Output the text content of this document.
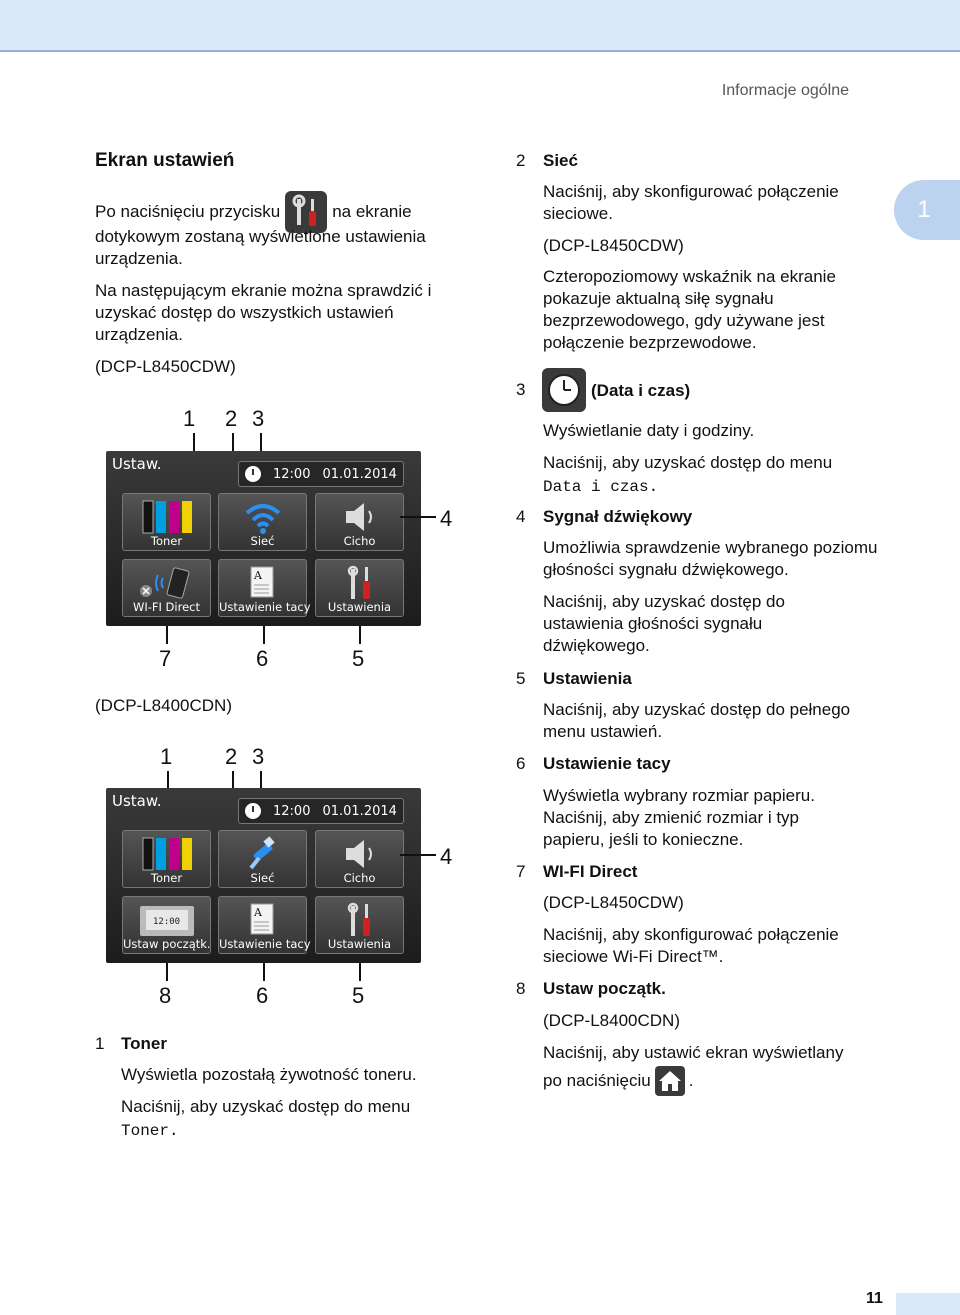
Informacje ogólne
1
Ekran ustawień
Po naciśnięciu przycisku	na ekranie
dotykowym zostaną wyświetlone ustawienia urządzenia.
Na następującym ekranie można sprawdzić i uzyskać dostęp do wszystkich ustawień urządzenia.
(DCP-L8450CDW)
1 2 3
Ustaw.
12:00 01.01.2014
Toner	Sieć	Cicho
WI-FI Direct
A
Ustawienie tacy	Ustawienia
4
7	6	5
(DCP-L8400CDN)
1 2 3
Ustaw.
12:00 01.01.2014
Toner	Sieć	Cicho
12:00
Ustaw początk.
A
Ustawienie tacy	Ustawienia
4
8	6	5
1 Toner
Wyświetla pozostałą żywotność toneru.
Naciśnij, aby uzyskać dostęp do menu
Toner.
2 Sieć
Naciśnij, aby skonfigurować połączenie sieciowe.
(DCP-L8450CDW)
Czteropoziomowy wskaźnik na ekranie pokazuje aktualną siłę sygnału bezprzewodowego, gdy używane jest połączenie bezprzewodowe.
3	(Data i czas)
Wyświetlanie daty i godziny.
Naciśnij, aby uzyskać dostęp do menu
Data i czas.
4 Sygnał dźwiękowy
Umożliwia sprawdzenie wybranego poziomu głośności sygnału dźwiękowego.
Naciśnij, aby uzyskać dostęp do ustawienia głośności sygnału dźwiękowego.
5 Ustawienia
Naciśnij, aby uzyskać dostęp do pełnego menu ustawień.
6 Ustawienie tacy
Wyświetla wybrany rozmiar papieru. Naciśnij, aby zmienić rozmiar i typ papieru, jeśli to konieczne.
7 WI-FI Direct
(DCP-L8450CDW)
Naciśnij, aby skonfigurować połączenie sieciowe Wi-Fi Direct™.
8 Ustaw początk.
(DCP-L8400CDN)
Naciśnij, aby ustawić ekran wyświetlany
po naciśnięciu .
11
